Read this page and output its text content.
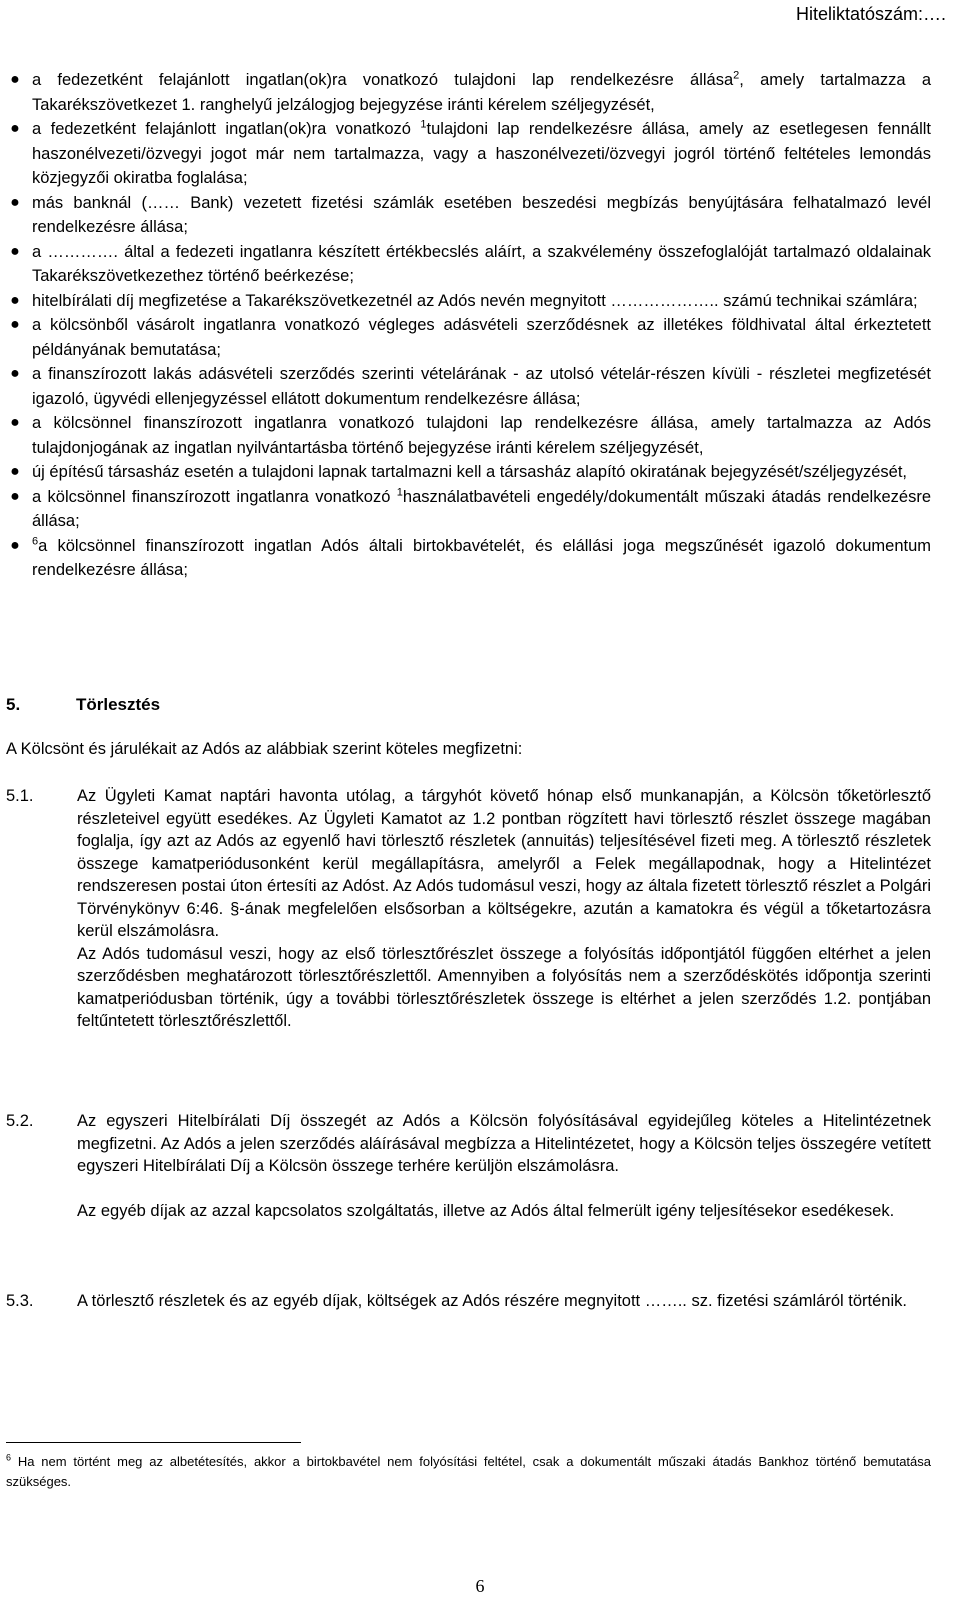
Hiteliktatószám:….
● a fedezetként felajánlott ingatlan(ok)ra vonatkozó tulajdoni lap rendelkezésre állása$^2$, amely tartalmazza a Takarékszövetkezet 1. ranghelyű jelzálogjog bejegyzése iránti kérelem széljegyzését,
● a fedezetként felajánlott ingatlan(ok)ra vonatkozó $^1$tulajdoni lap rendelkezésre állása, amely az esetlegesen fennállt haszonélvezeti/özvegyi jogot már nem tartalmazza, vagy a haszonélvezeti/özvegyi jogról történő feltételes lemondás közjegyzői okiratba foglalása;
● más banknál (…… Bank) vezetett fizetési számlák esetében beszedési megbízás benyújtására felhatalmazó levél rendelkezésre állása;
● a …………. által a fedezeti ingatlanra készített értékbecslés aláírt, a szakvélemény összefoglalóját tartalmazó oldalainak Takarékszövetkezethez történő beérkezése;
● hitelbírálati díj megfizetése a Takarékszövetkezetnél az Adós nevén megnyitott ……………….. számú technikai számlára;
● a kölcsönből vásárolt ingatlanra vonatkozó végleges adásvételi szerződésnek az illetékes földhivatal által érkeztetett példányának bemutatása;
● a finanszírozott lakás adásvételi szerződés szerinti vételárának - az utolsó vételár-részen kívüli - részletei megfizetését igazoló, ügyvédi ellenjegyzéssel ellátott dokumentum rendelkezésre állása;
● a kölcsönnel finanszírozott ingatlanra vonatkozó tulajdoni lap rendelkezésre állása, amely tartalmazza az Adós tulajdonjogának az ingatlan nyilvántartásba történő bejegyzése iránti kérelem széljegyzését,
● új építésű társasház esetén a tulajdoni lapnak tartalmazni kell a társasház alapító okiratának bejegyzését/széljegyzését,
● a kölcsönnel finanszírozott ingatlanra vonatkozó $^1$használatbavételi engedély/dokumentált műszaki átadás rendelkezésre állása;
●	$^6$a kölcsönnel finanszírozott ingatlan Adós általi birtokbavételét, és elállási joga megszűnését igazoló dokumentum rendelkezésre állása;
5.	Törlesztés
A Kölcsönt és járulékait az Adós az alábbiak szerint köteles megfizetni:
5.1.	Az Ügyleti Kamat naptári havonta utólag, a tárgyhót követő hónap első munkanapján, a Kölcsön tőketörlesztő részleteivel együtt esedékes. Az Ügyleti Kamatot az 1.2 pontban rögzített havi törlesztő részlet összege magában foglalja, így azt az Adós az egyenlő havi törlesztő részletek (annuitás) teljesítésével fizeti meg. A törlesztő részletek összege kamatperiódusonként kerül megállapításra, amelyről a Felek megállapodnak, hogy a Hitelintézet rendszeresen postai úton értesíti az Adóst. Az Adós tudomásul veszi, hogy az általa fizetett törlesztő részlet a Polgári Törvénykönyv 6:46. §-ának megfelelően elsősorban a költségekre, azután a kamatokra és végül a tőketartozásra kerül elszámolásra.

Az Adós tudomásul veszi, hogy az első törlesztőrészlet összege a folyósítás időpontjától függően eltérhet a jelen szerződésben meghatározott törlesztőrészlettől. Amennyiben a folyósítás nem a szerződéskötés időpontja szerinti kamatperiódusban történik, úgy a további törlesztőrészletek összege is eltérhet a jelen szerződés 1.2. pontjában feltűntetett törlesztőrészlettől.

5.2.	Az egyszeri Hitelbírálati Díj összegét az Adós a Kölcsön folyósításával egyidejűleg köteles a Hitelintézetnek megfizetni. Az Adós a jelen szerződés aláírásával megbízza a Hitelintézetet, hogy a Kölcsön teljes összegére vetített egyszeri Hitelbírálati Díj a Kölcsön összege terhére kerüljön elszámolásra.

Az egyéb díjak az azzal kapcsolatos szolgáltatás, illetve az Adós által felmerült igény teljesítésekor esedékesek.

5.3.	A törlesztő részletek és az egyéb díjak, költségek az Adós részére megnyitott …….. sz. fizetési számláról történik.

$^6$ Ha nem történt meg az albetétesítés, akkor a birtokbavétel nem folyósítási feltétel, csak a dokumentált műszaki átadás Bankhoz történő bemutatása szükséges.
6
